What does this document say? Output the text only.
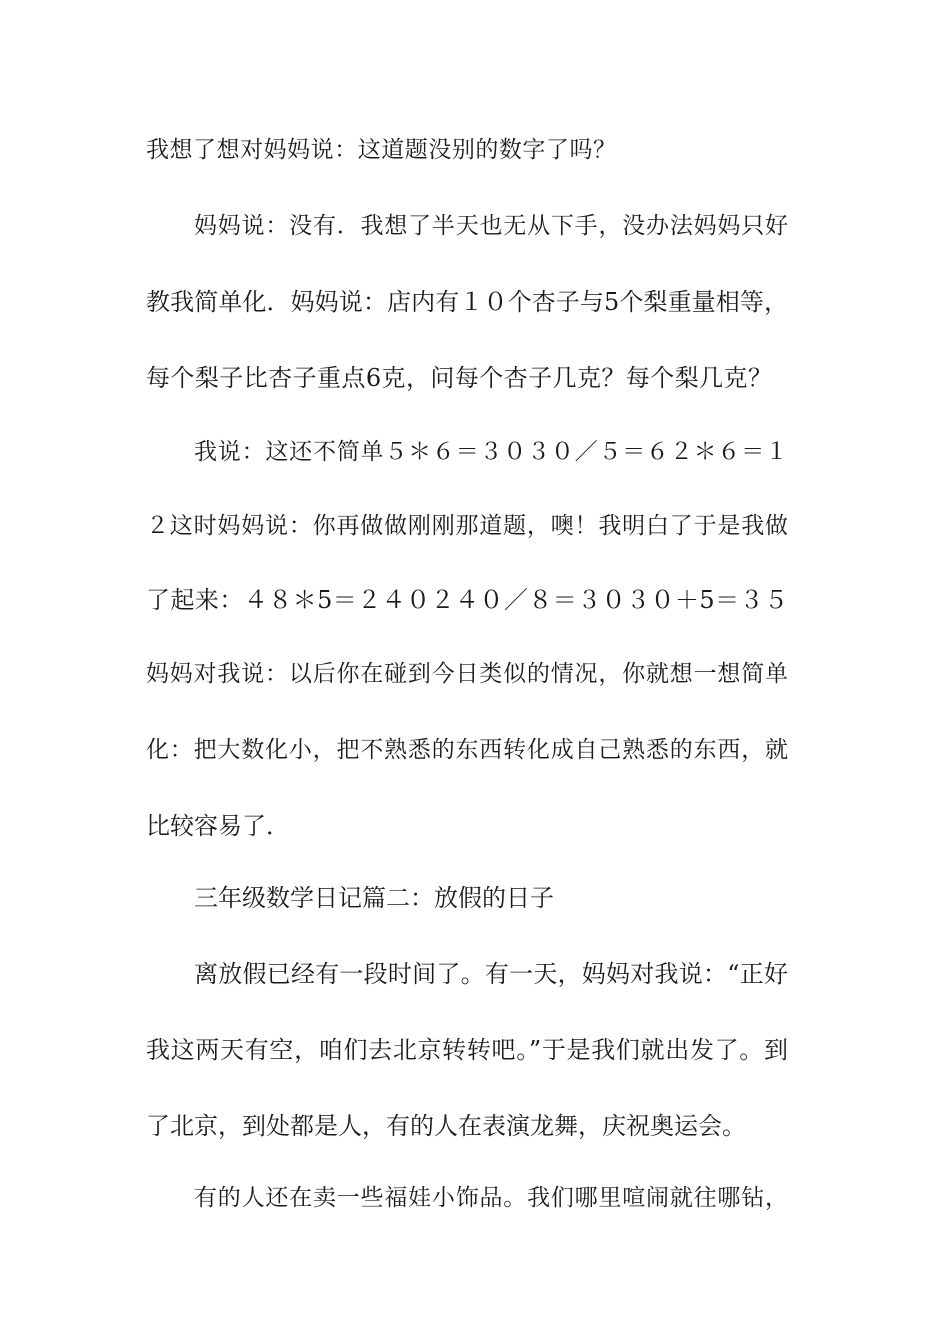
我想了想对妈妈说：这道题没别的数字了吗？
妈妈说：没有．我想了半天也无从下手，没办法妈妈只好
教我简单化．妈妈说：店内有１０个杏子与5个梨重量相等，
每个梨子比杏子重点6克，问每个杏子几克？每个梨几克？
我说：这还不简单５＊６＝３０３０／５＝６２＊６＝１
２这时妈妈说：你再做做刚刚那道题，噢！我明白了于是我做
了起来：４８＊5＝２４０２４０／８＝３０３０＋5＝３５
妈妈对我说：以后你在碰到今日类似的情况，你就想一想简单
化：把大数化小，把不熟悉的东西转化成自己熟悉的东西，就
比较容易了．
三年级数学日记篇二：放假的日子
离放假已经有一段时间了。有一天，妈妈对我说：“正好
我这两天有空，咱们去北京转转吧。”于是我们就出发了。到
了北京，到处都是人，有的人在表演龙舞，庆祝奥运会。
有的人还在卖一些福娃小饰品。我们哪里喧闹就往哪钻，
